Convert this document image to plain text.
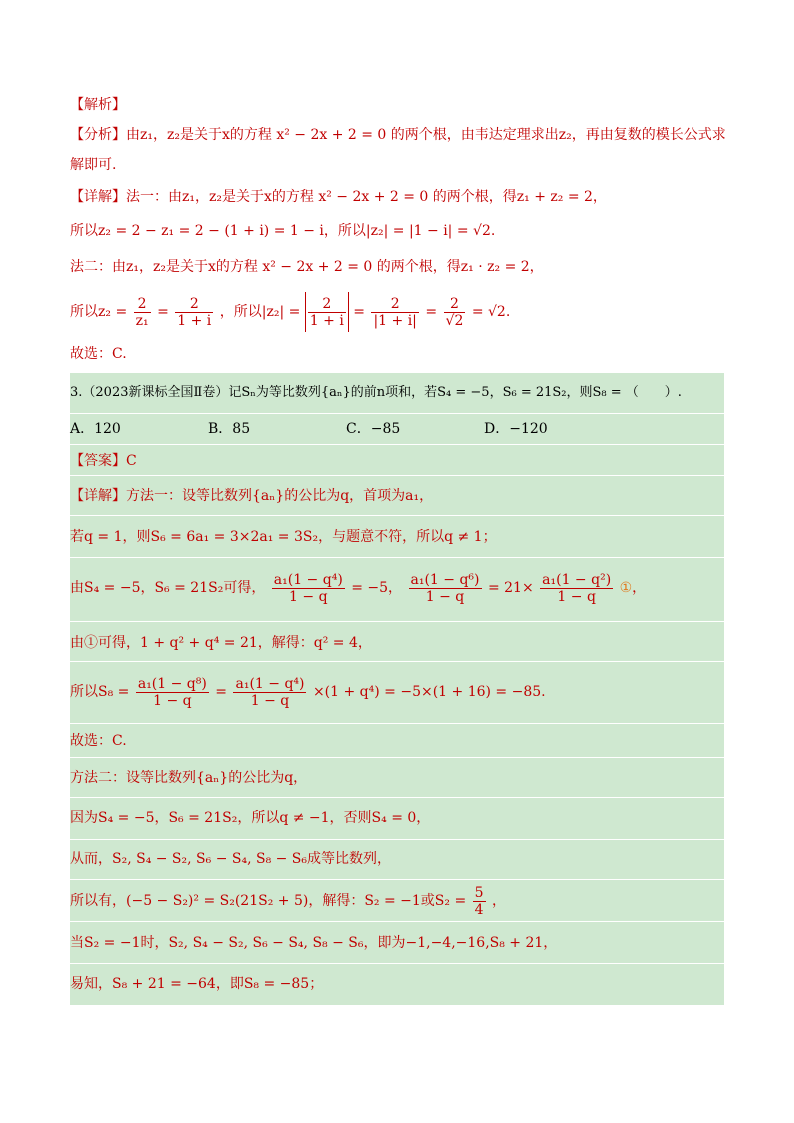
【解析】
【分析】由z₁，z₂是关于x的方程 x² − 2x + 2 = 0 的两个根，由韦达定理求出z₂，再由复数的模长公式求
解即可.
【详解】法一：由z₁，z₂是关于x的方程 x² − 2x + 2 = 0 的两个根，得z₁ + z₂ = 2，
所以z₂ = 2 − z₁ = 2 − (1 + i) = 1 − i，所以|z₂| = |1 − i| = √2.
法二：由z₁，z₂是关于x的方程 x² − 2x + 2 = 0 的两个根，得z₁ · z₂ = 2，
所以$z_2 = \frac{2}{\text{z₁}} = \frac{2}{1 + i}$ ，所以$|z_2| = \frac{2}{1 + i} = \frac{2}{|1 + i|} = \frac{2}{√2} = √2$.
故选：C.
3.（2023新课标全国Ⅱ卷）记Sₙ为等比数列{aₙ}的前n项和，若S₄ = −5，S₆ = 21S₂，则S₈ = （　　）.
A．120	B．85	C．−85	D．−120
【答案】C
【详解】方法一：设等比数列{aₙ}的公比为q，首项为a₁，
若q = 1，则S₆ = 6a₁ = 3×2a₁ = 3S₂，与题意不符，所以q ≠ 1；
由S₄ = −5，S₆ = 21S₂可得， $\frac{\text{a₁(1 − q⁴)}}{1 - q} = -5$， $\frac{\text{a₁(1 − q⁶)}}{1 - q} = 21\times \frac{\text{a₁(1 − q²)}}{1 - q}$ ①，
由①可得，1 + q² + q⁴ = 21，解得：q² = 4，
所以$S_8 = \frac{\text{a₁(1 − q⁸)}}{1 - q} = \frac{\text{a₁(1 − q⁴)}}{1 - q} \times(1 + q^4) = -5\times(1 + 16) = -85$.
故选：C.
方法二：设等比数列{aₙ}的公比为q，
因为S₄ = −5，S₆ = 21S₂，所以q ≠ −1，否则S₄ = 0，
从而，S₂, S₄ − S₂, S₆ − S₄, S₈ − S₆成等比数列，
所以有，(−5 − S₂)² = S₂(21S₂ + 5)，解得：S₂ = −1或$S_2 = \frac{5}{4}$ ，
当S₂ = −1时，S₂, S₄ − S₂, S₆ − S₄, S₈ − S₆，即为−1,−4,−16,S₈ + 21，
易知，S₈ + 21 = −64，即S₈ = −85；
